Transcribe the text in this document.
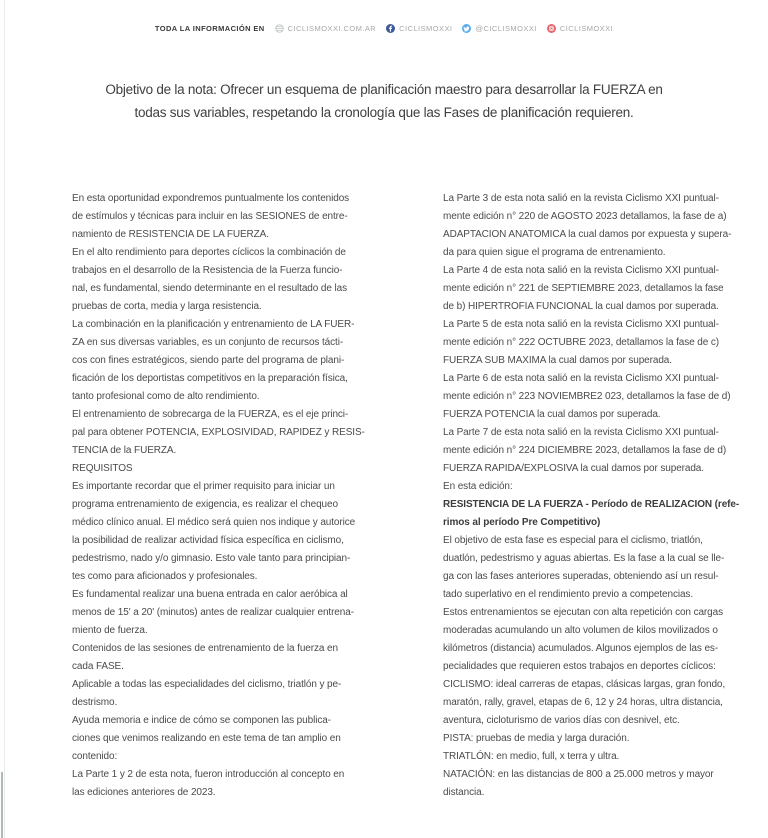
TODA LA INFORMACIÓN EN	CICLISMOXXI.COM.AR	CICLISMOXXI	@CICLISMOXXI	CICLISMOXXI
Objetivo de la nota: Ofrecer un esquema de planificación maestro para desarrollar la FUERZA en
todas sus variables, respetando la cronología que las Fases de planificación requieren.
En esta oportunidad expondremos puntualmente los contenidos
de estímulos y técnicas para incluir en las SESIONES de entre-
namiento de RESISTENCIA DE LA FUERZA.
En el alto rendimiento para deportes cíclicos la combinación de
trabajos en el desarrollo de la Resistencia de la Fuerza funcio-
nal, es fundamental, siendo determinante en el resultado de las
pruebas de corta, media y larga resistencia.
La combinación en la planificación y entrenamiento de LA FUER-
ZA en sus diversas variables, es un conjunto de recursos tácti-
cos con fines estratégicos, siendo parte del programa de plani-
ficación de los deportistas competitivos en la preparación física,
tanto profesional como de alto rendimiento.
El entrenamiento de sobrecarga de la FUERZA, es el eje princi-
pal para obtener POTENCIA, EXPLOSIVIDAD, RAPIDEZ y RESIS-
TENCIA de la FUERZA.
REQUISITOS
Es importante recordar que el primer requisito para iniciar un
programa entrenamiento de exigencia, es realizar el chequeo
médico clínico anual. El médico será quien nos indique y autorice
la posibilidad de realizar actividad física específica en ciclismo,
pedestrismo, nado y/o gimnasio. Esto vale tanto para principian-
tes como para aficionados y profesionales.
Es fundamental realizar una buena entrada en calor aeróbica al
menos de 15' a 20' (minutos) antes de realizar cualquier entrena-
miento de fuerza.
Contenidos de las sesiones de entrenamiento de la fuerza en
cada FASE.
Aplicable a todas las especialidades del ciclismo, triatlón y pe-
destrismo.
Ayuda memoria e indice de cómo se componen las publica-
ciones que venimos realizando en este tema de tan amplio en
contenido:
La Parte 1 y 2 de esta nota, fueron introducción al concepto en
las ediciones anteriores de 2023.
La Parte 3 de esta nota salió en la revista Ciclismo XXI puntual-
mente edición n° 220 de AGOSTO 2023 detallamos, la fase de a)
ADAPTACION ANATOMICA la cual damos por expuesta y supera-
da para quien sigue el programa de entrenamiento.
La Parte 4 de esta nota salió en la revista Ciclismo XXI puntual-
mente edición n° 221 de SEPTIEMBRE 2023, detallamos la fase
de b) HIPERTROFIA FUNCIONAL la cual damos por superada.
La Parte 5 de esta nota salió en la revista Ciclismo XXI puntual-
mente edición n° 222 OCTUBRE 2023, detallamos la fase de c)
FUERZA SUB MAXIMA la cual damos por superada.
La Parte 6 de esta nota salió en la revista Ciclismo XXI puntual-
mente edición n° 223 NOVIEMBRE2 023, detallamos la fase de d)
FUERZA POTENCIA la cual damos por superada.
La Parte 7 de esta nota salió en la revista Ciclismo XXI puntual-
mente edición n° 224 DICIEMBRE 2023, detallamos la fase de d)
FUERZA RAPIDA/EXPLOSIVA la cual damos por superada.
En esta edición:
RESISTENCIA DE LA FUERZA - Período de REALIZACION (refe-
rimos al período Pre Competitivo)
El objetivo de esta fase es especial para el ciclismo, triatlón,
duatlón, pedestrismo y aguas abiertas. Es la fase a la cual se lle-
ga con las fases anteriores superadas, obteniendo así un resul-
tado superlativo en el rendimiento previo a competencias.
Estos entrenamientos se ejecutan con alta repetición con cargas
moderadas acumulando un alto volumen de kilos movilizados o
kilómetros (distancia) acumulados. Algunos ejemplos de las es-
pecialidades que requieren estos trabajos en deportes cíclicos:
CICLISMO: ideal carreras de etapas, clásicas largas, gran fondo,
maratón, rally, gravel, etapas de 6, 12 y 24 horas, ultra distancia,
aventura, cicloturismo de varios días con desnivel, etc.
PISTA: pruebas de media y larga duración.
TRIATLÓN: en medio, full, x terra y ultra.
NATACIÓN: en las distancias de 800 a 25.000 metros y mayor
distancia.
